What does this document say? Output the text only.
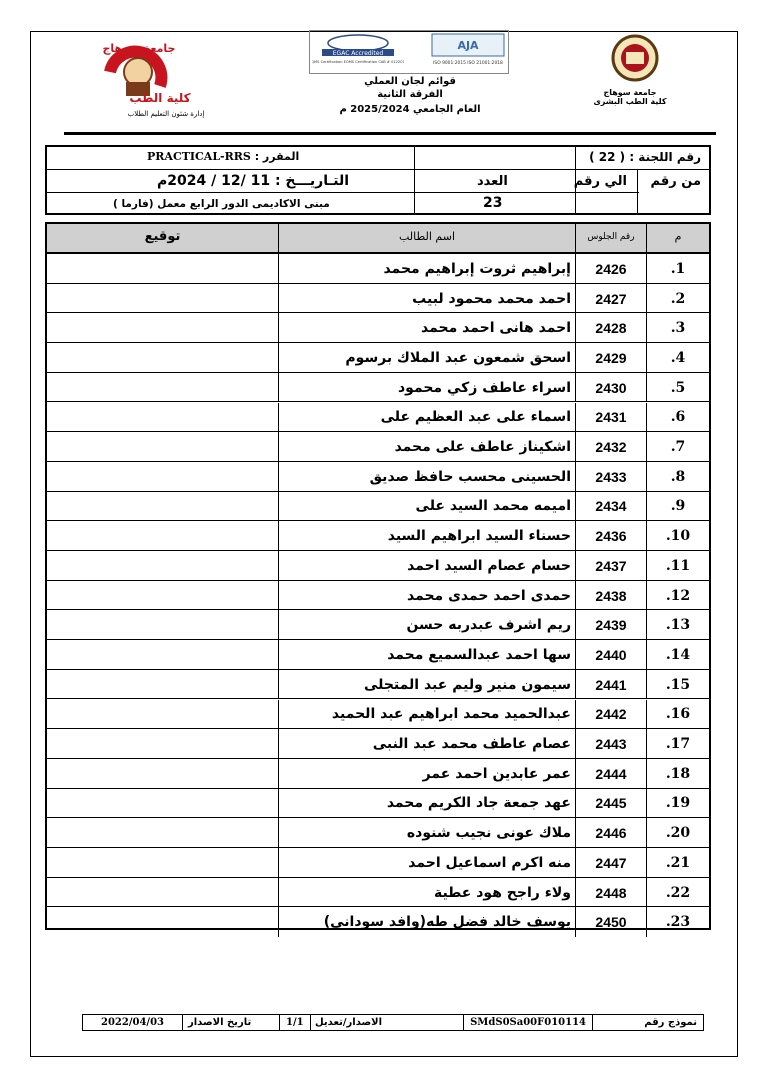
جامعة سوهاج
كلية الطب
إدارة شئون التعليم الطلاب
EGAC Accredited
QMS Certification EOMS Certification CAB # 012207
AJA
ISO 9001:2015 ISO 21001:2018
قوائم لجان العملي
الفرقة الثانية
العام الجامعي 2025/2024 م
جامعة سوهاج
كلية الطب البشرى
رقم اللجنة : ( 22 )
المقرر : PRACTICAL-RRS
من رقم
الي رقم
العدد
التـاريـــخ : 11 /12 / 2024م
23
مبنى الاكاديمى الدور الرابع معمل (فارما )
م
رقم الجلوس
اسم الطالب
توقيع
.1
2426
إبراهيم ثروت إبراهيم محمد
.2
2427
احمد محمد محمود لبيب
.3
2428
احمد هانى احمد محمد
.4
2429
اسحق شمعون عبد الملاك برسوم
.5
2430
اسراء عاطف زكي محمود
.6
2431
اسماء على عبد العظيم على
.7
2432
اشكيناز عاطف على محمد
.8
2433
الحسينى محسب حافظ صديق
.9
2434
اميمه محمد السيد على
.10
2436
حسناء السيد ابراهيم السيد
.11
2437
حسام عصام السيد احمد
.12
2438
حمدى احمد حمدى محمد
.13
2439
ريم اشرف عبدربه حسن
.14
2440
سها احمد عبدالسميع محمد
.15
2441
سيمون منير وليم عبد المتجلى
.16
2442
عبدالحميد محمد ابراهيم عبد الحميد
.17
2443
عصام عاطف محمد عبد النبى
.18
2444
عمر عابدين احمد عمر
.19
2445
عهد جمعة جاد الكريم محمد
.20
2446
ملاك عونى نجيب شنوده
.21
2447
منه اكرم اسماعيل احمد
.22
2448
ولاء راجح هود عطية
.23
2450
يوسف خالد فضل طه(وافد سودانى)
نموذج رقم
SMdS0Sa00F010114
الاصدار/تعديل
1/1
تاريخ الاصدار
2022/04/03
